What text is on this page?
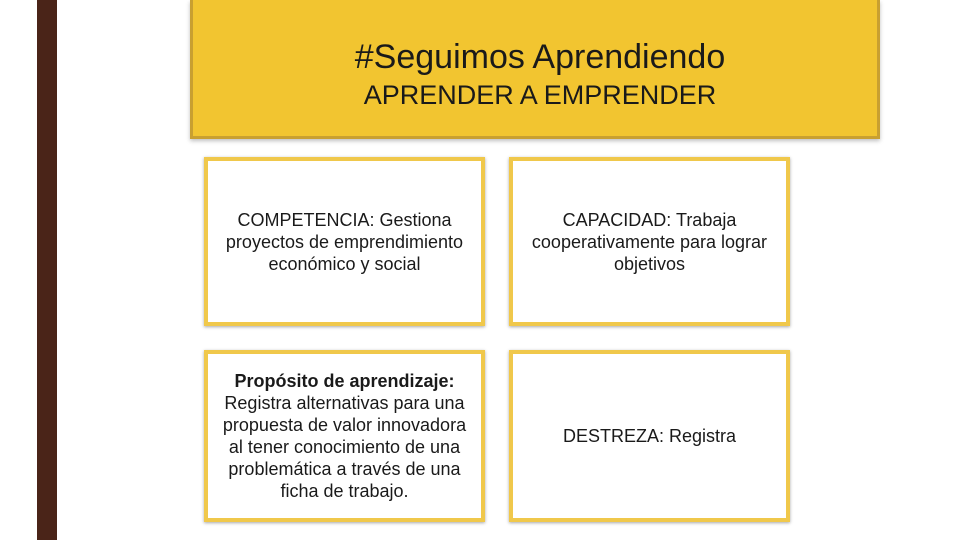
#Seguimos Aprendiendo
APRENDER A EMPRENDER
COMPETENCIA: Gestiona proyectos de emprendimiento económico y social
CAPACIDAD: Trabaja cooperativamente para lograr objetivos
Propósito de aprendizaje: Registra alternativas para una propuesta de valor innovadora al tener conocimiento de una problemática a través de una ficha de trabajo.
DESTREZA: Registra
